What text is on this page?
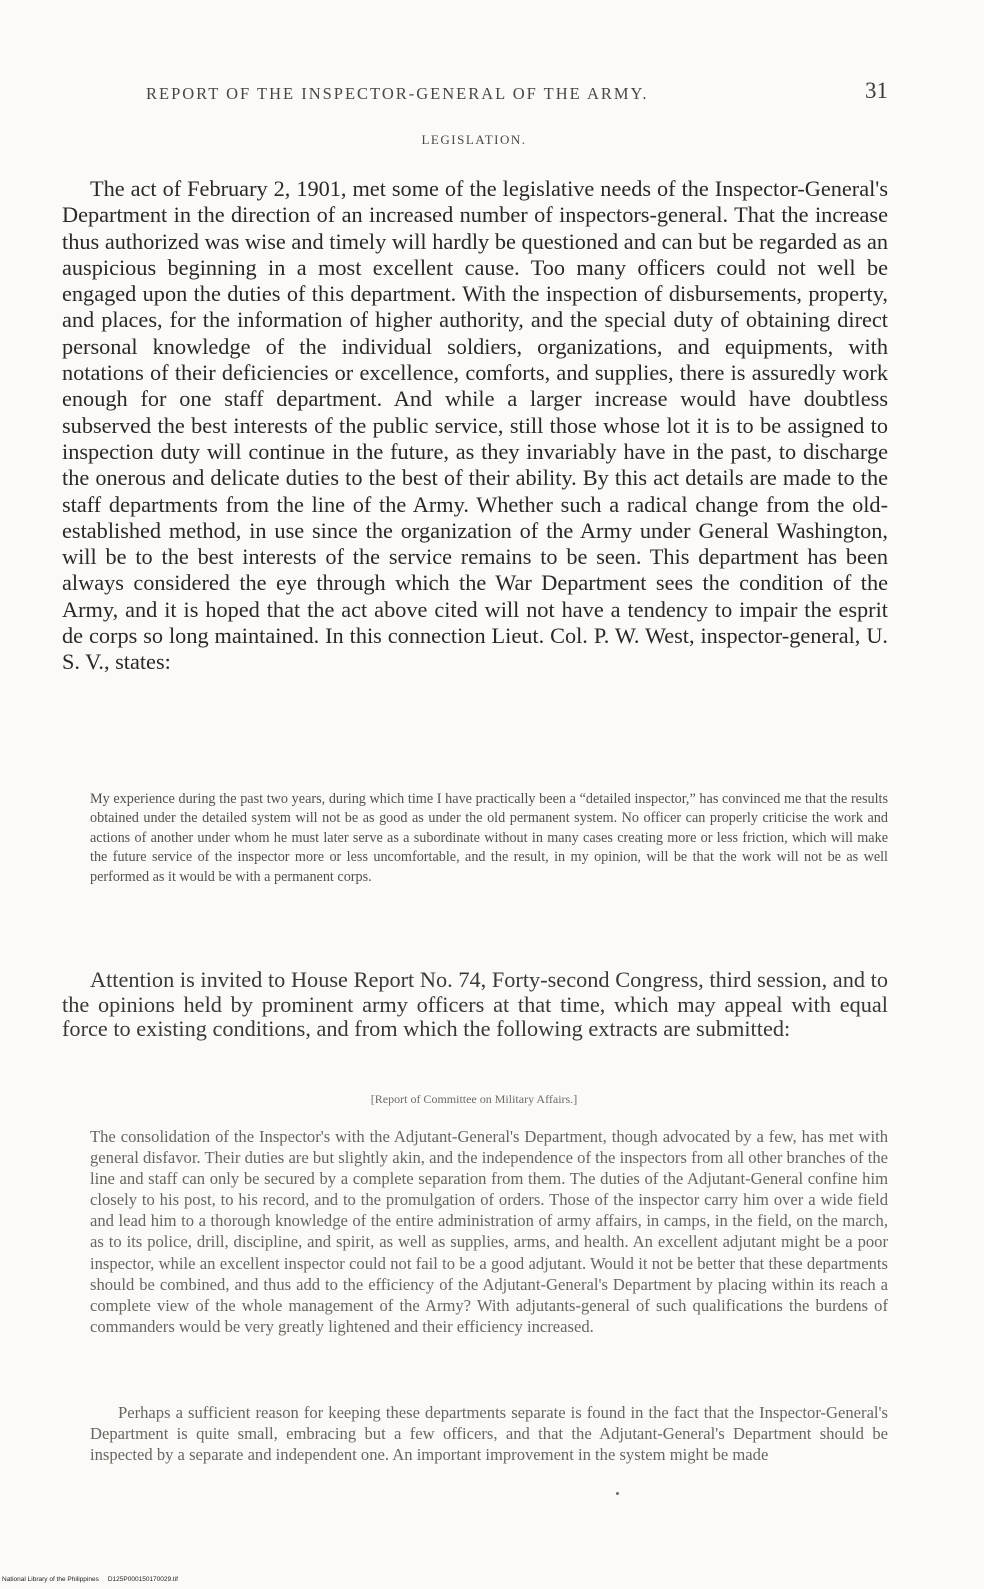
REPORT OF THE INSPECTOR-GENERAL OF THE ARMY.	31
LEGISLATION.

The act of February 2, 1901, met some of the legislative needs of the Inspector-General's Department in the direction of an increased number of inspectors-general. That the increase thus authorized was wise and timely will hardly be questioned and can but be regarded as an auspicious beginning in a most excellent cause. Too many officers could not well be engaged upon the duties of this department. With the inspection of disbursements, property, and places, for the information of higher authority, and the special duty of obtaining direct personal knowledge of the individual soldiers, organizations, and equipments, with notations of their deficiencies or excellence, comforts, and supplies, there is assuredly work enough for one staff department. And while a larger increase would have doubtless subserved the best interests of the public service, still those whose lot it is to be assigned to inspection duty will continue in the future, as they invariably have in the past, to discharge the onerous and delicate duties to the best of their ability. By this act details are made to the staff departments from the line of the Army. Whether such a radical change from the old-established method, in use since the organization of the Army under General Washington, will be to the best interests of the service remains to be seen. This department has been always considered the eye through which the War Department sees the condition of the Army, and it is hoped that the act above cited will not have a tendency to impair the esprit de corps so long maintained. In this connection Lieut. Col. P. W. West, inspector-general, U. S. V., states:

My experience during the past two years, during which time I have practically been a “detailed inspector,” has convinced me that the results obtained under the detailed system will not be as good as under the old permanent system. No officer can properly criticise the work and actions of another under whom he must later serve as a subordinate without in many cases creating more or less friction, which will make the future service of the inspector more or less uncomfortable, and the result, in my opinion, will be that the work will not be as well performed as it would be with a permanent corps.

Attention is invited to House Report No. 74, Forty-second Congress, third session, and to the opinions held by prominent army officers at that time, which may appeal with equal force to existing conditions, and from which the following extracts are submitted:

[Report of Committee on Military Affairs.]

The consolidation of the Inspector's with the Adjutant-General's Department, though advocated by a few, has met with general disfavor. Their duties are but slightly akin, and the independence of the inspectors from all other branches of the line and staff can only be secured by a complete separation from them. The duties of the Adjutant-General confine him closely to his post, to his record, and to the promulgation of orders. Those of the inspector carry him over a wide field and lead him to a thorough knowledge of the entire administration of army affairs, in camps, in the field, on the march, as to its police, drill, discipline, and spirit, as well as supplies, arms, and health. An excellent adjutant might be a poor inspector, while an excellent inspector could not fail to be a good adjutant. Would it not be better that these departments should be combined, and thus add to the efficiency of the Adjutant-General's Department by placing within its reach a complete view of the whole management of the Army? With adjutants-general of such qualifications the burdens of commanders would be very greatly lightened and their efficiency increased.

Perhaps a sufficient reason for keeping these departments separate is found in the fact that the Inspector-General's Department is quite small, embracing but a few officers, and that the Adjutant-General's Department should be inspected by a separate and independent one. An important improvement in the system might be made

National Library of the Philippines     D125P000150170029.tif
